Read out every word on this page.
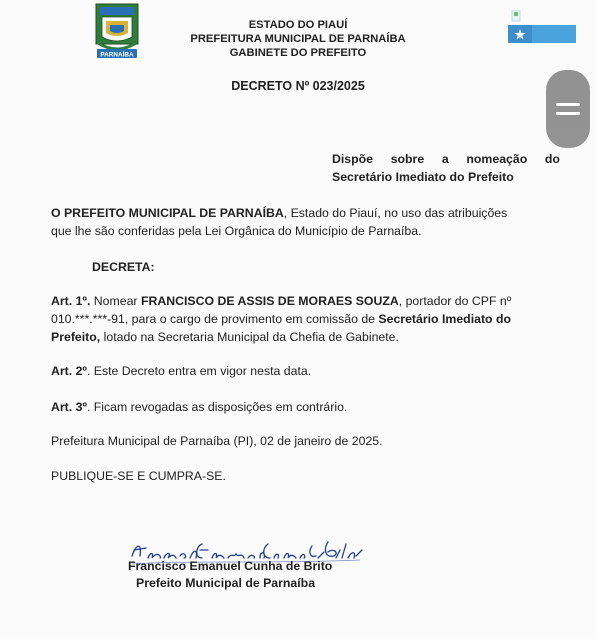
PARNAÍBA
ESTADO DO PIAUÍ
PREFEITURA MUNICIPAL DE PARNAÍBA
GABINETE DO PREFEITO
DECRETO Nº 023/2025
Dispõe sobre a nomeação do
Secretário Imediato do Prefeito
O PREFEITO MUNICIPAL DE PARNAÍBA, Estado do Piauí, no uso das atribuições
que lhe são conferidas pela Lei Orgânica do Município de Parnaíba.
DECRETA:
Art. 1º. Nomear FRANCISCO DE ASSIS DE MORAES SOUZA, portador do CPF nº
010.***.***-91, para o cargo de provimento em comissão de Secretário Imediato do
Prefeito, lotado na Secretaria Municipal da Chefia de Gabinete.
Art. 2º. Este Decreto entra em vigor nesta data.
Art. 3º. Ficam revogadas as disposições em contrário.
Prefeitura Municipal de Parnaíba (PI), 02 de janeiro de 2025.
PUBLIQUE-SE E CUMPRA-SE.
Francisco Emanuel Cunha de Brito
Prefeito Municipal de Parnaíba
